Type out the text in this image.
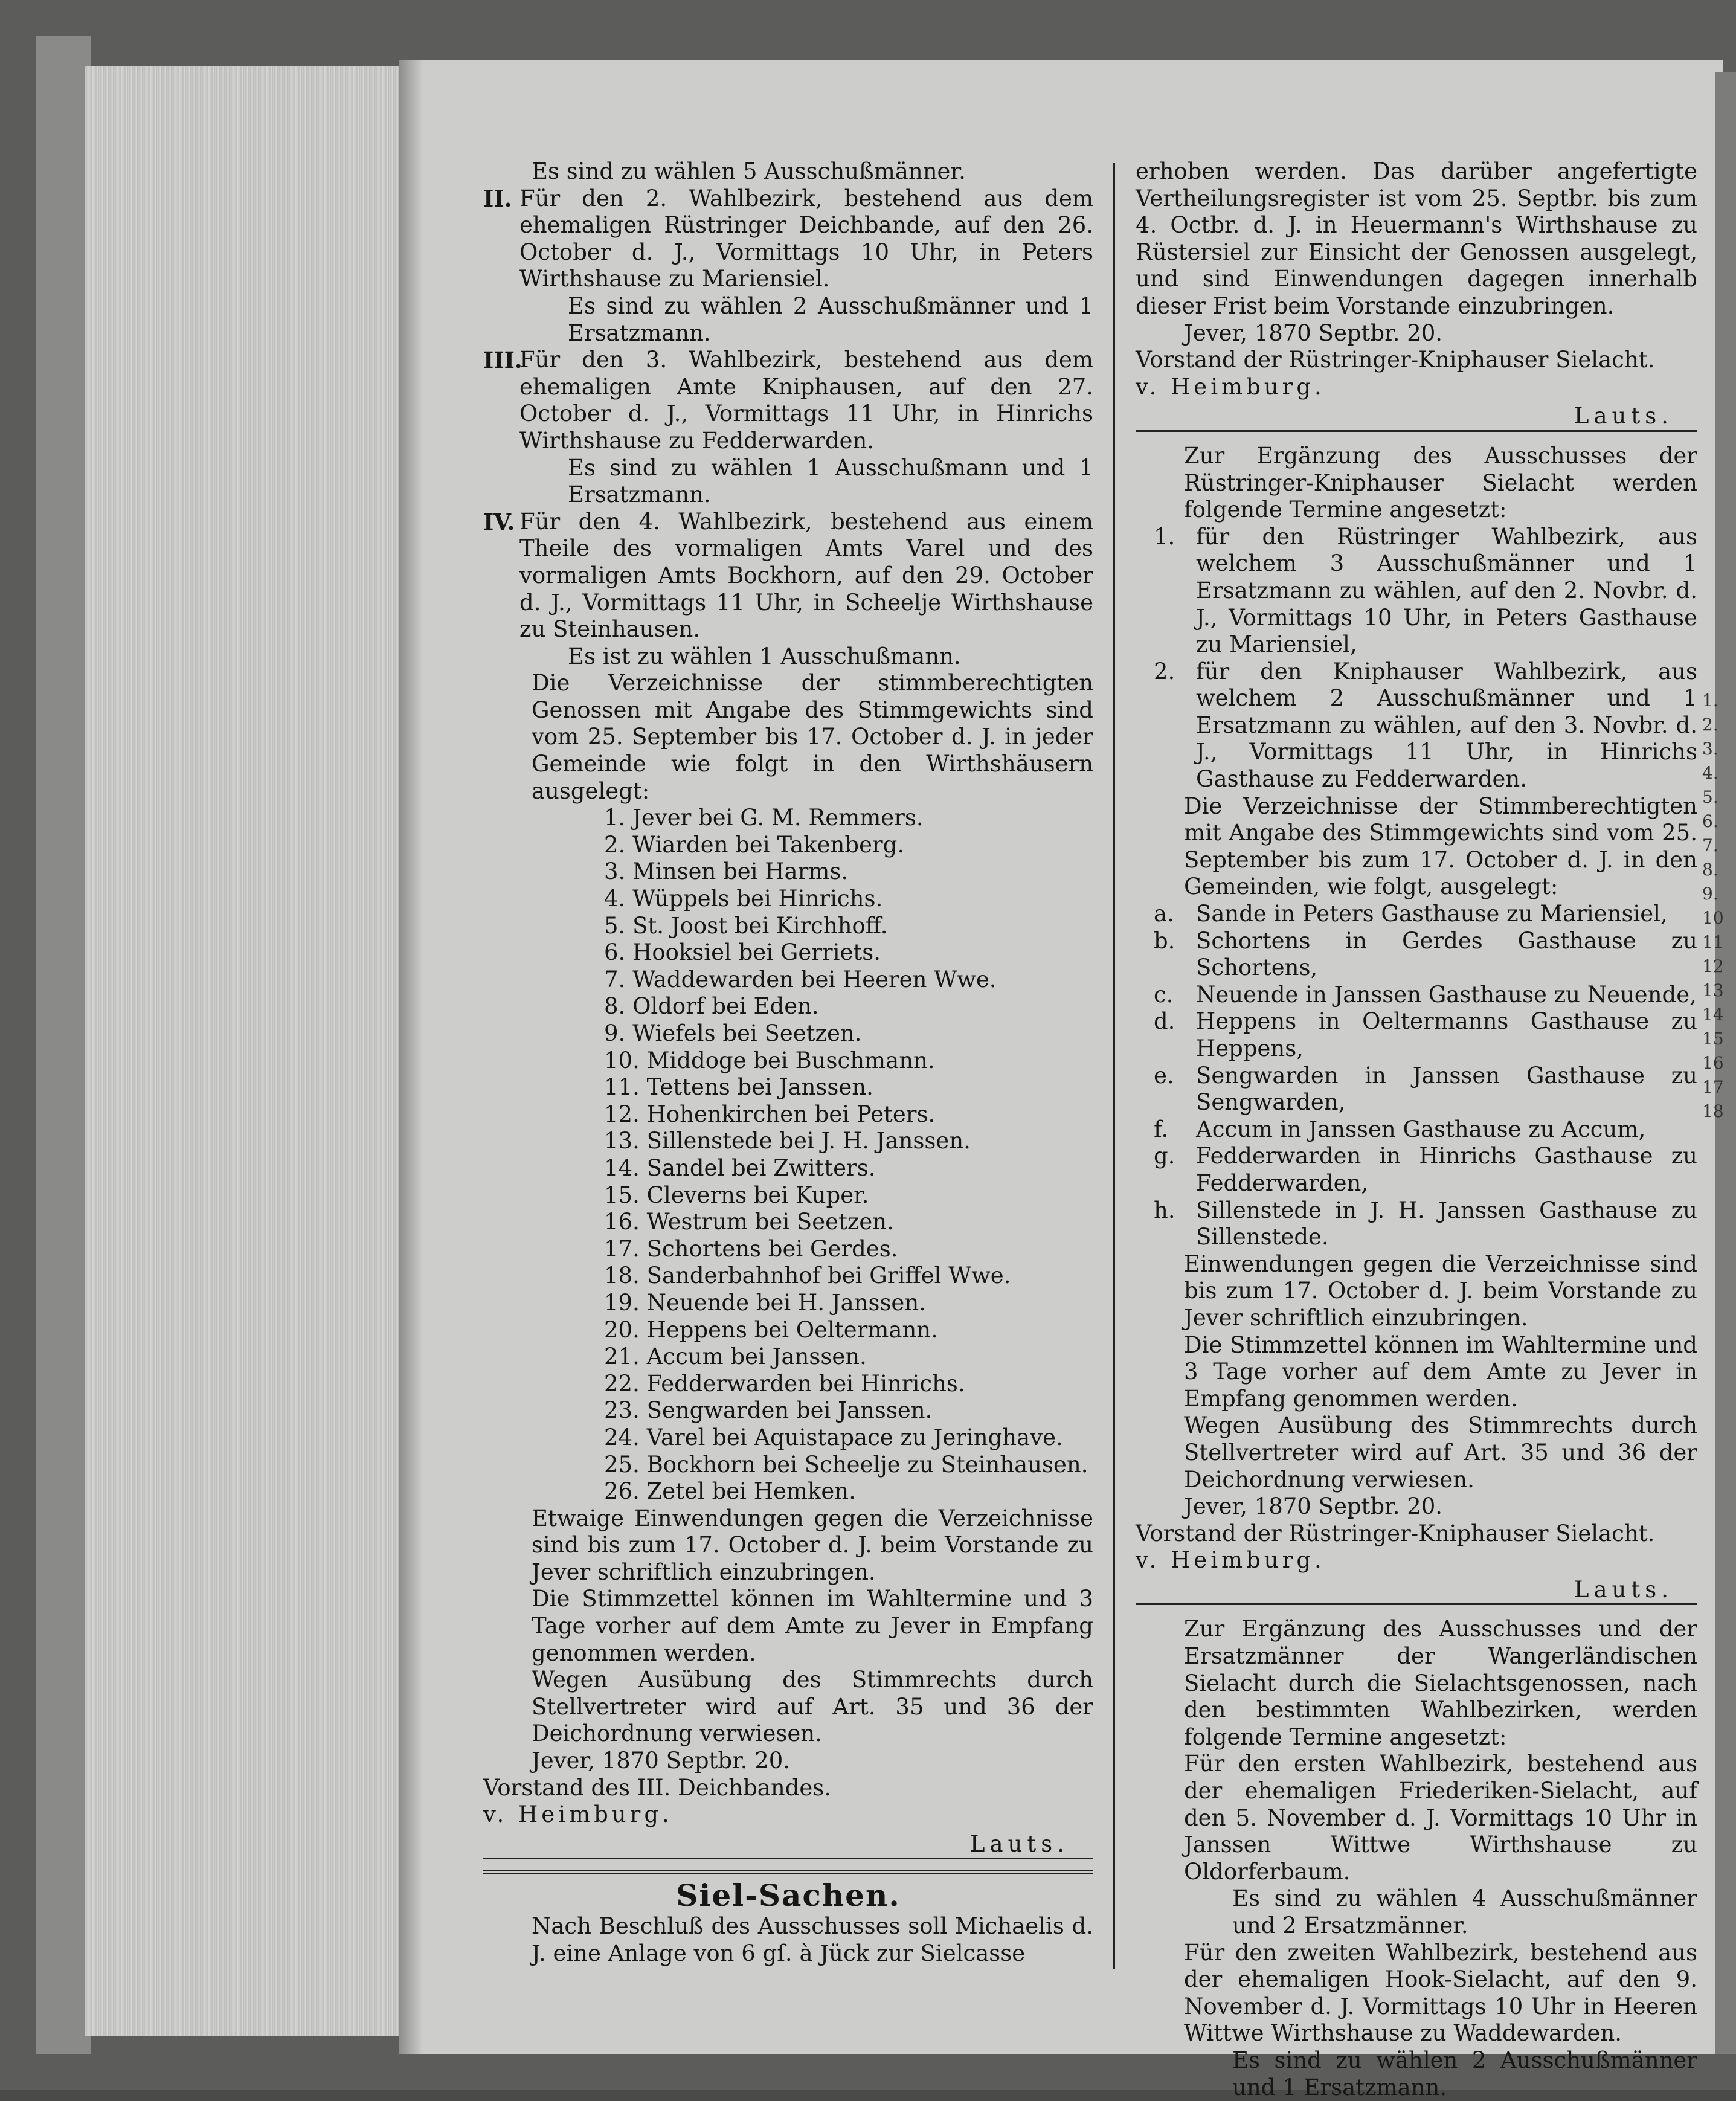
Es sind zu wählen 5 Ausschußmänner.

II. Für den 2. Wahlbezirk, bestehend aus dem ehemaligen Rüstringer Deichbande, auf den 26. October d. J., Vormittags 10 Uhr, in Peters Wirthshause zu Mariensiel.

Es sind zu wählen 2 Ausschußmänner und 1 Ersatzmann.

III.

Für den 3. Wahlbezirk, bestehend aus dem ehemaligen Amte Kniphausen, auf den 27. October d. J., Vormittags 11 Uhr, in Hinrichs Wirthshause zu Fedderwarden.

Es sind zu wählen 1 Ausschußmann und 1 Ersatzmann.

IV. Für den 4. Wahlbezirk, bestehend aus einem Theile des vormaligen Amts Varel und des vormaligen Amts Bockhorn, auf den 29. October d. J., Vormittags 11 Uhr, in Scheelje Wirthshause zu Steinhausen.

Es ist zu wählen 1 Ausschußmann.

Die Verzeichnisse der stimmberechtigten Genossen mit Angabe des Stimmgewichts sind vom 25. September bis 17. October d. J. in jeder Gemeinde wie folgt in den Wirthshäusern ausgelegt:

1. Jever bei G. M. Remmers.
2. Wiarden bei Takenberg.
3. Minsen bei Harms.
4. Wüppels bei Hinrichs.
5. St. Joost bei Kirchhoff.
6. Hooksiel bei Gerriets.
7. Waddewarden bei Heeren Wwe.
8. Oldorf bei Eden.
9. Wiefels bei Seetzen.
10. Middoge bei Buschmann.
11. Tettens bei Janssen.
12. Hohenkirchen bei Peters.
13. Sillenstede bei J. H. Janssen.
14. Sandel bei Zwitters.
15. Cleverns bei Kuper.
16. Westrum bei Seetzen.
17. Schortens bei Gerdes.
18. Sanderbahnhof bei Griffel Wwe.
19. Neuende bei H. Janssen.
20. Heppens bei Oeltermann.
21. Accum bei Janssen.
22. Fedderwarden bei Hinrichs.
23. Sengwarden bei Janssen.
24. Varel bei Aquistapace zu Jeringhave.
25. Bockhorn bei Scheelje zu Steinhausen.
26. Zetel bei Hemken.

Etwaige Einwendungen gegen die Verzeichnisse sind bis zum 17. October d. J. beim Vorstande zu Jever schriftlich einzubringen.

Die Stimmzettel können im Wahltermine und 3 Tage vorher auf dem Amte zu Jever in Empfang genommen werden.

Wegen Ausübung des Stimmrechts durch Stellvertreter wird auf Art. 35 und 36 der Deichordnung verwiesen.

Jever, 1870 Septbr. 20.

Vorstand des III. Deichbandes.

v. Heimburg.

Lauts.
Siel-Sachen.

Nach Beschluß des Ausschusses soll Michaelis d. J. eine Anlage von 6 gſ. à Jück zur Sielcasse

erhoben werden. Das darüber angefertigte Vertheilungsregister ist vom 25. Septbr. bis zum 4. Octbr. d. J. in Heuermann's Wirthshause zu Rüstersiel zur Einsicht der Genossen ausgelegt, und sind Einwendungen dagegen innerhalb dieser Frist beim Vorstande einzubringen.

Jever, 1870 Septbr. 20.

Vorstand der Rüstringer-Kniphauser Sielacht.

v. Heimburg.

Lauts.

Zur Ergänzung des Ausschusses der Rüstringer-Kniphauser Sielacht werden folgende Termine angesetzt:

1. für den Rüstringer Wahlbezirk, aus welchem 3 Ausschußmänner und 1 Ersatzmann zu wählen, auf den 2. Novbr. d. J., Vormittags 10 Uhr, in Peters Gasthause zu Mariensiel,

2. für den Kniphauser Wahlbezirk, aus welchem 2 Ausschußmänner und 1 Ersatzmann zu wählen, auf den 3. Novbr. d. J., Vormittags 11 Uhr, in Hinrichs Gasthause zu Fedderwarden.

Die Verzeichnisse der Stimmberechtigten mit Angabe des Stimmgewichts sind vom 25. September bis zum 17. October d. J. in den Gemeinden, wie folgt, ausgelegt:

a. Sande in Peters Gasthause zu Mariensiel,

b. Schortens in Gerdes Gasthause zu Schortens,

c.	Neuende in Janssen Gasthause zu Neuende,

d. Heppens in Oeltermanns Gasthause zu Heppens,

e. Sengwarden in Janssen Gasthause zu Sengwarden,

f.	Accum in Janssen Gasthause zu Accum,

g. Fedderwarden in Hinrichs Gasthause zu Fedderwarden,

h. Sillenstede in J. H. Janssen Gasthause zu Sillenstede.

Einwendungen gegen die Verzeichnisse sind bis zum 17. October d. J. beim Vorstande zu Jever schriftlich einzubringen.

Die Stimmzettel können im Wahltermine und 3 Tage vorher auf dem Amte zu Jever in Empfang genommen werden.

Wegen Ausübung des Stimmrechts durch Stellvertreter wird auf Art. 35 und 36 der Deichordnung verwiesen.

Jever, 1870 Septbr. 20.

Vorstand der Rüstringer-Kniphauser Sielacht.

v. Heimburg.

Lauts.

Zur Ergänzung des Ausschusses und der Ersatzmänner der Wangerländischen Sielacht durch die Sielachtsgenossen, nach den bestimmten Wahlbezirken, werden folgende Termine angesetzt:

Für den ersten Wahlbezirk, bestehend aus der ehemaligen Friederiken-Sielacht, auf den 5. November d. J. Vormittags 10 Uhr in Janssen Wittwe Wirthshause zu Oldorferbaum.

Es sind zu wählen 4 Ausschußmänner und 2 Ersatzmänner.

Für den zweiten Wahlbezirk, bestehend aus der ehemaligen Hook-Sielacht, auf den 9. November d. J. Vormittags 10 Uhr in Heeren Wittwe Wirthshause zu Waddewarden.

Es sind zu wählen 2 Ausschußmänner und 1 Ersatzmann.

1.
2.
3.
4.
5.
6.
7.
8.
9.
10
11
12
13
14
15
16
17
18
